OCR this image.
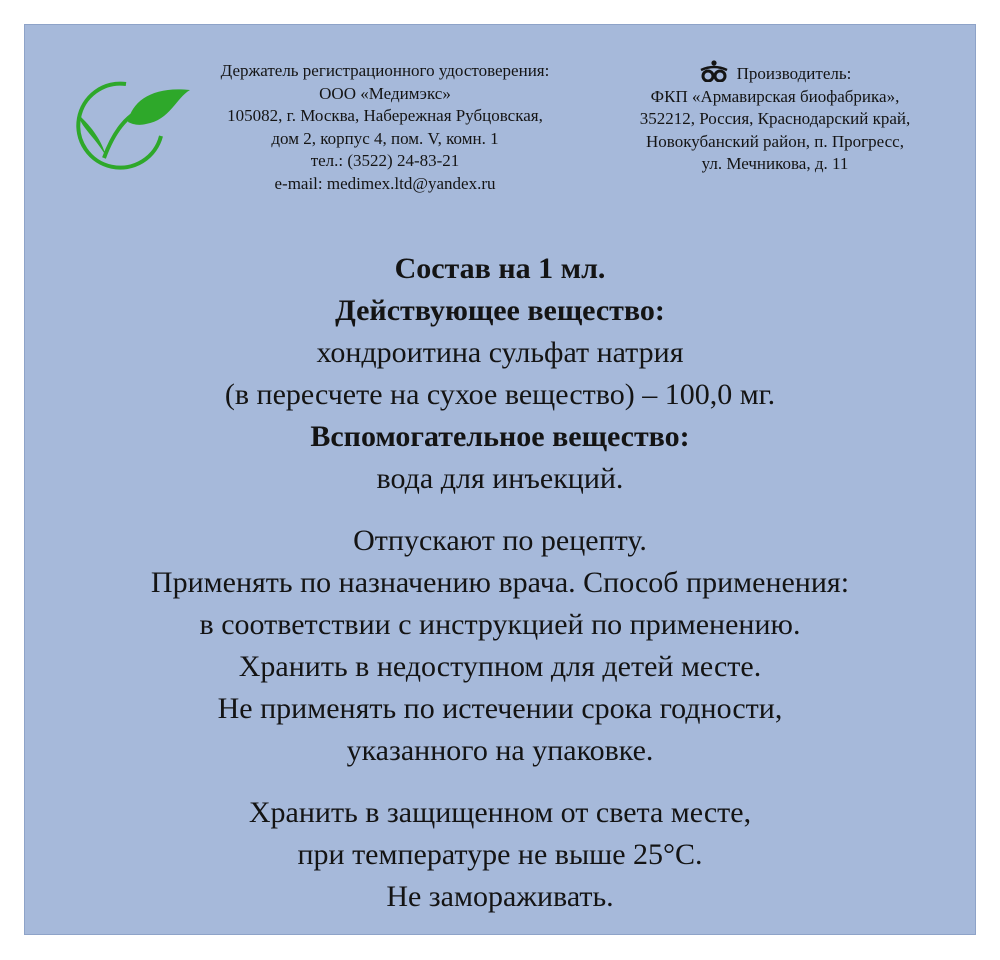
Держатель регистрационного удостоверения:
ООО «Медимэкс»
105082, г. Москва, Набережная Рубцовская,
дом 2, корпус 4, пом. V, комн. 1
тел.: (3522) 24-83-21
e-mail: medimex.ltd@yandex.ru
Производитель:
ФКП «Армавирская биофабрика»,
352212, Россия, Краснодарский край,
Новокубанский район, п. Прогресс,
ул. Мечникова, д. 11
Состав на 1 мл.
Действующее вещество:
хондроитина сульфат натрия
(в пересчете на сухое вещество) – 100,0 мг.
Вспомогательное вещество:
вода для инъекций.
Отпускают по рецепту.
Применять по назначению врача. Способ применения:
в соответствии с инструкцией по применению.
Хранить в недоступном для детей месте.
Не применять по истечении срока годности,
указанного на упаковке.
Хранить в защищенном от света месте,
при температуре не выше 25°С.
Не замораживать.
